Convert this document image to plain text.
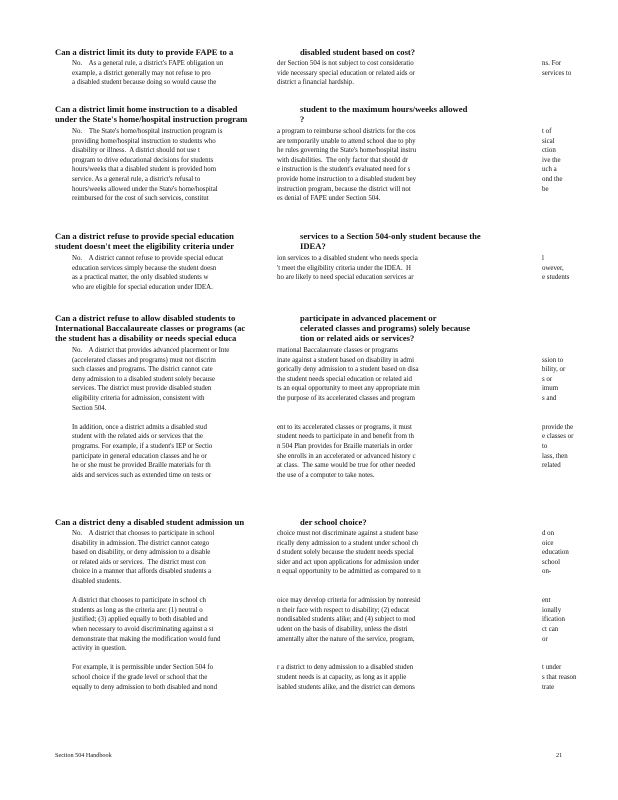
Can a district limit its duty to provide FAPE to a	disabled student based on cost?
No.    As a general rule, a district's FAPE obligation un	der Section 504 is not subject to cost consideratio	ns. For
example, a district generally may not refuse to pro	vide necessary special education or related aids or	services to
a disabled student because doing so would cause the	district a financial hardship.
Can a district limit home instruction to a disabled	student to the maximum hours/weeks allowed
under the State's home/hospital instruction program	?
No.    The State's home/hospital instruction program is	a program to reimburse school districts for the cos	t of
providing home/hospital instruction to students who	are temporarily unable to attend school due to phy	sical
disability or illness.  A district should not use t	he rules governing the State's home/hospital instru	ction
program to drive educational decisions for students	with disabilities.  The only factor that should dr	ive the
hours/weeks that a disabled student is provided hom	e instruction is the student's evaluated need for s	uch a
service. As a general rule, a district's refusal to	provide home instruction to a disabled student bey	ond the
hours/weeks allowed under the State's home/hospital	instruction program, because the district will not	be
reimbursed for the cost of such services, constitut	es denial of FAPE under Section 504.
Can a district refuse to provide special education	services to a Section 504-only student because the
student doesn't meet the eligibility criteria under	IDEA?
No.    A district cannot refuse to provide special educat	ion services to a disabled student who needs specia	l
education services simply because the student doesn	't meet the eligibility criteria under the IDEA.  H	owever,
as a practical matter, the only disabled students w	ho are likely to need special education services ar	e students
who are eligible for special education under IDEA.
Can a district refuse to allow disabled students to	participate in advanced placement or
International Baccalaureate classes or programs (ac	celerated classes and programs) solely because
the student has a disability or needs special educa	tion or related aids or services?
No.    A district that provides advanced placement or Inte	rnational Baccalaureate classes or programs
(accelerated classes and programs) must not discrim	inate against a student based on disability in admi	ssion to
such classes and programs. The district cannot cate	gorically deny admission to a student based on disa	bility, or
deny admission to a disabled student solely because	the student needs special education or related aid	s or
services. The district must provide disabled studen	ts an equal opportunity to meet any appropriate min	imum
eligibility criteria for admission, consistent with	the purpose of its accelerated classes and program	s and
Section 504.
In addition, once a district admits a disabled stud	ent to its accelerated classes or programs, it must	provide the
student with the related aids or services that the	student needs to participate in and benefit from th	e classes or
programs. For example, if a student's IEP or Sectio	n 504 Plan provides for Braille materials in order	to
participate in general education classes and he or	she enrolls in an accelerated or advanced history c	lass, then
he or she must be provided Braille materials for th	at class.  The same would be true for other needed	related
aids and services such as extended time on tests or	the use of a computer to take notes.
Can a district deny a disabled student admission un	der school choice?
No.    A district that chooses to participate in school	choice must not discriminate against a student base	d on
disability in admission. The district cannot catego	rically deny admission to a student under school ch	oice
based on disability, or deny admission to a disable	d student solely because the student needs special	education
or related aids or services.  The district must con	sider and act upon applications for admission under	school
choice in a manner that affords disabled students a	n equal opportunity to be admitted as compared to n	on-
disabled students.
A district that chooses to participate in school ch	oice may develop criteria for admission by nonresid	ent
students as long as the criteria are: (1) neutral o	n their face with respect to disability; (2) educat	ionally
justified; (3) applied equally to both disabled and	nondisabled students alike; and (4) subject to mod	ification
when necessary to avoid discriminating against a st	udent on the basis of disability, unless the distri	ct can
demonstrate that making the modification would fund	amentally alter the nature of the service, program,	or
activity in question.
For example, it is permissible under Section 504 fo	r a district to deny admission to a disabled studen	t under
school choice if the grade level or school that the	student needs is at capacity, as long as it applie	s that reason
equally to deny admission to both disabled and nond	isabled students alike, and the district can demons	trate
Section 504 Handbook	21
